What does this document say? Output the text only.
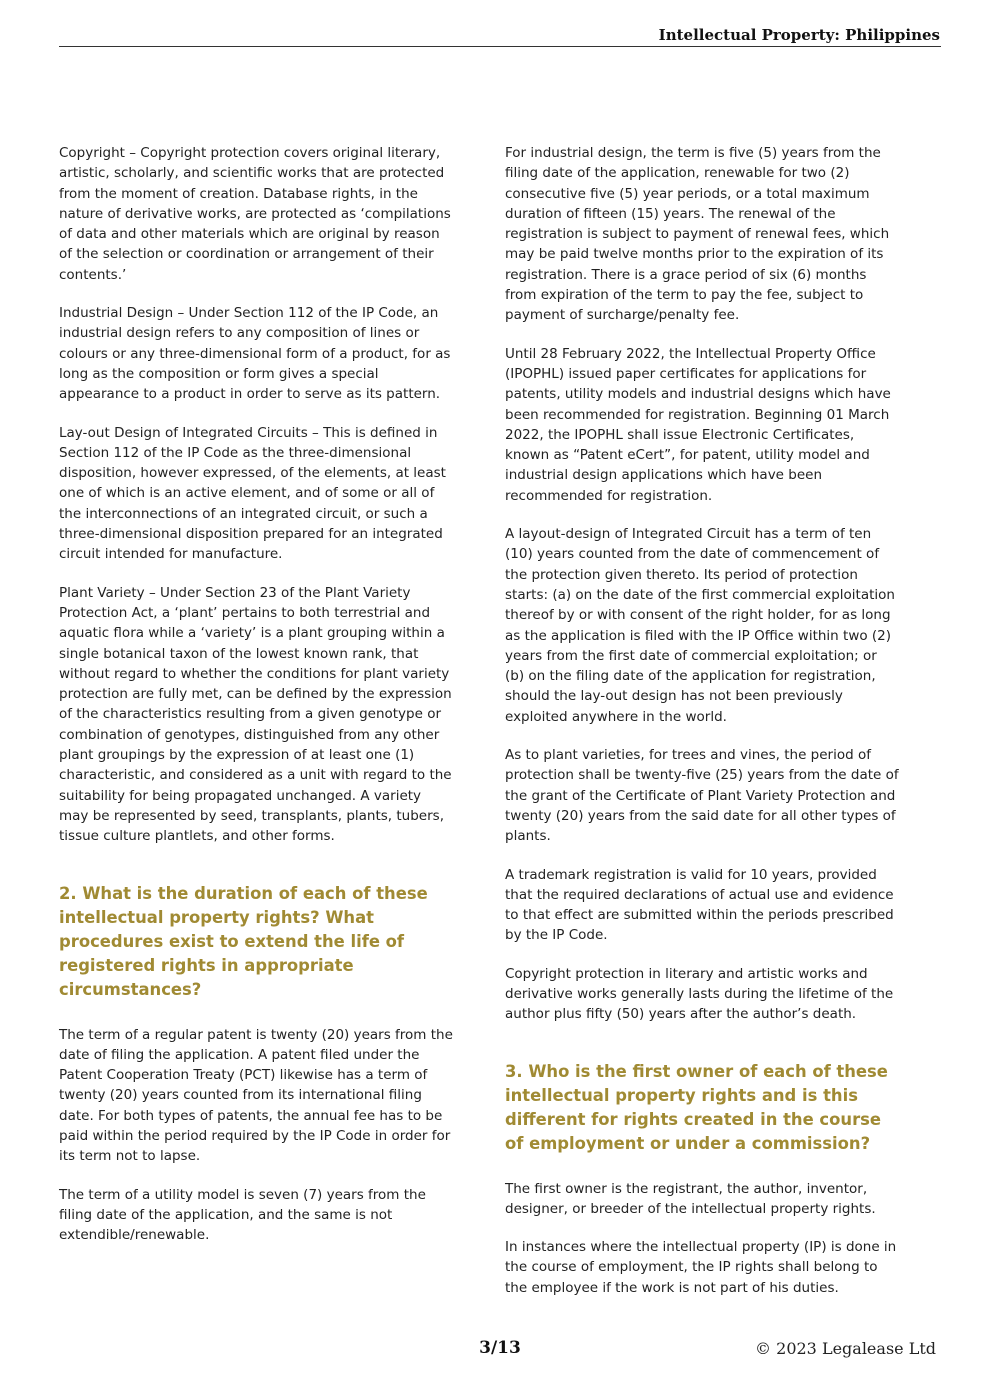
Intellectual Property: Philippines

Copyright – Copyright protection covers original literary, artistic, scholarly, and scientific works that are protected from the moment of creation. Database rights, in the nature of derivative works, are protected as ‘compilations of data and other materials which are original by reason of the selection or coordination or arrangement of their contents.’

Industrial Design – Under Section 112 of the IP Code, an industrial design refers to any composition of lines or colours or any three-dimensional form of a product, for as long as the composition or form gives a special appearance to a product in order to serve as its pattern.

Lay-out Design of Integrated Circuits – This is defined in Section 112 of the IP Code as the three-dimensional disposition, however expressed, of the elements, at least one of which is an active element, and of some or all of the interconnections of an integrated circuit, or such a three-dimensional disposition prepared for an integrated circuit intended for manufacture.

Plant Variety – Under Section 23 of the Plant Variety Protection Act, a ‘plant’ pertains to both terrestrial and aquatic flora while a ‘variety’ is a plant grouping within a single botanical taxon of the lowest known rank, that without regard to whether the conditions for plant variety protection are fully met, can be defined by the expression of the characteristics resulting from a given genotype or combination of genotypes, distinguished from any other plant groupings by the expression of at least one (1) characteristic, and considered as a unit with regard to the suitability for being propagated unchanged. A variety may be represented by seed, transplants, plants, tubers, tissue culture plantlets, and other forms.

2. What is the duration of each of these intellectual property rights? What procedures exist to extend the life of registered rights in appropriate circumstances?

The term of a regular patent is twenty (20) years from the date of filing the application. A patent filed under the Patent Cooperation Treaty (PCT) likewise has a term of twenty (20) years counted from its international filing date. For both types of patents, the annual fee has to be paid within the period required by the IP Code in order for its term not to lapse.

The term of a utility model is seven (7) years from the filing date of the application, and the same is not extendible/renewable.

For industrial design, the term is five (5) years from the filing date of the application, renewable for two (2) consecutive five (5) year periods, or a total maximum duration of fifteen (15) years. The renewal of the registration is subject to payment of renewal fees, which may be paid twelve months prior to the expiration of its registration. There is a grace period of six (6) months from expiration of the term to pay the fee, subject to payment of surcharge/penalty fee.

Until 28 February 2022, the Intellectual Property Office (IPOPHL) issued paper certificates for applications for patents, utility models and industrial designs which have been recommended for registration. Beginning 01 March 2022, the IPOPHL shall issue Electronic Certificates, known as “Patent eCert”, for patent, utility model and industrial design applications which have been recommended for registration.

A layout-design of Integrated Circuit has a term of ten (10) years counted from the date of commencement of the protection given thereto. Its period of protection starts: (a) on the date of the first commercial exploitation thereof by or with consent of the right holder, for as long as the application is filed with the IP Office within two (2) years from the first date of commercial exploitation; or (b) on the filing date of the application for registration, should the lay-out design has not been previously exploited anywhere in the world.

As to plant varieties, for trees and vines, the period of protection shall be twenty-five (25) years from the date of the grant of the Certificate of Plant Variety Protection and twenty (20) years from the said date for all other types of plants.

A trademark registration is valid for 10 years, provided that the required declarations of actual use and evidence to that effect are submitted within the periods prescribed by the IP Code.

Copyright protection in literary and artistic works and derivative works generally lasts during the lifetime of the author plus fifty (50) years after the author’s death.

3. Who is the first owner of each of these intellectual property rights and is this different for rights created in the course of employment or under a commission?

The first owner is the registrant, the author, inventor, designer, or breeder of the intellectual property rights.

In instances where the intellectual property (IP) is done in the course of employment, the IP rights shall belong to the employee if the work is not part of his duties.

3/13	© 2023 Legalease Ltd
